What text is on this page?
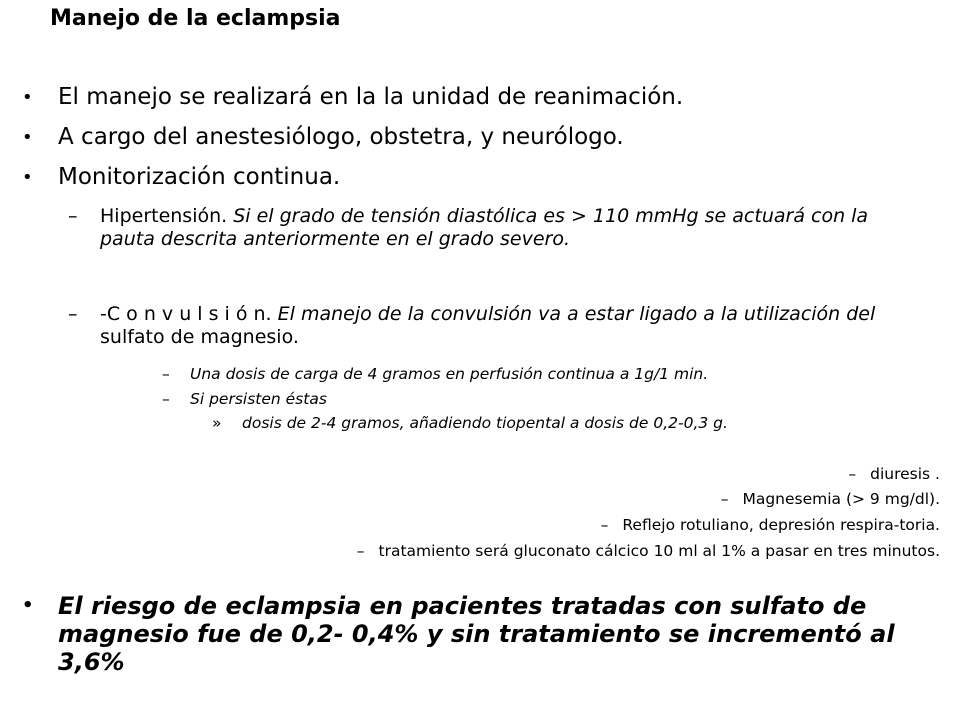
Manejo de la eclampsia
• El manejo se realizará en la la unidad de reanimación.
• A cargo del anestesiólogo, obstetra, y neurólogo.
• Monitorización continua.
– Hipertensión. Si el grado de tensión diastólica es > 110 mmHg se actuará con la pauta descrita anteriormente en el grado severo.
– -C o n v u l s i ó n. El manejo de la convulsión va a estar ligado a la utilización del sulfato de magnesio.
– Una dosis de carga de 4 gramos en perfusión continua a 1g/1 min.
– Si persisten éstas
» dosis de 2-4 gramos, añadiendo tiopental a dosis de 0,2-0,3 g.
– diuresis .
– Magnesemia (> 9 mg/dl).
– Reflejo rotuliano, depresión respira-toria.
– tratamiento será gluconato cálcico 10 ml al 1% a pasar en tres minutos.
• El riesgo de eclampsia en pacientes tratadas con sulfato de magnesio fue de 0,2- 0,4% y sin tratamiento se incrementó al 3,6%
